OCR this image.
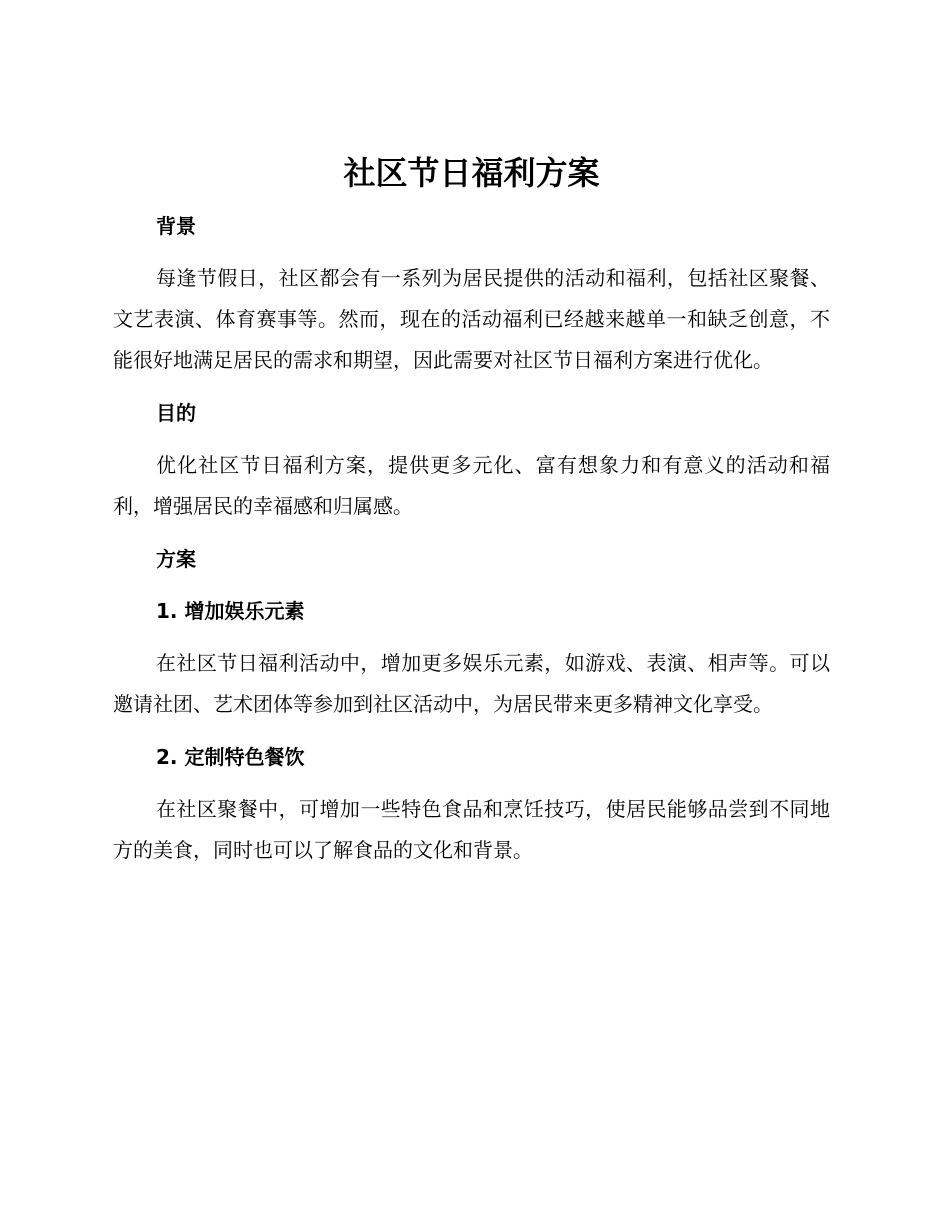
社区节日福利方案
背景

每逢节假日，社区都会有一系列为居民提供的活动和福利，包括社区聚餐、文艺表演、体育赛事等。然而，现在的活动福利已经越来越单一和缺乏创意，不能很好地满足居民的需求和期望，因此需要对社区节日福利方案进行优化。

目的

优化社区节日福利方案，提供更多元化、富有想象力和有意义的活动和福利，增强居民的幸福感和归属感。

方案
1. 增加娱乐元素

在社区节日福利活动中，增加更多娱乐元素，如游戏、表演、相声等。可以邀请社团、艺术团体等参加到社区活动中，为居民带来更多精神文化享受。

2. 定制特色餐饮

在社区聚餐中，可增加一些特色食品和烹饪技巧，使居民能够品尝到不同地方的美食，同时也可以了解食品的文化和背景。
